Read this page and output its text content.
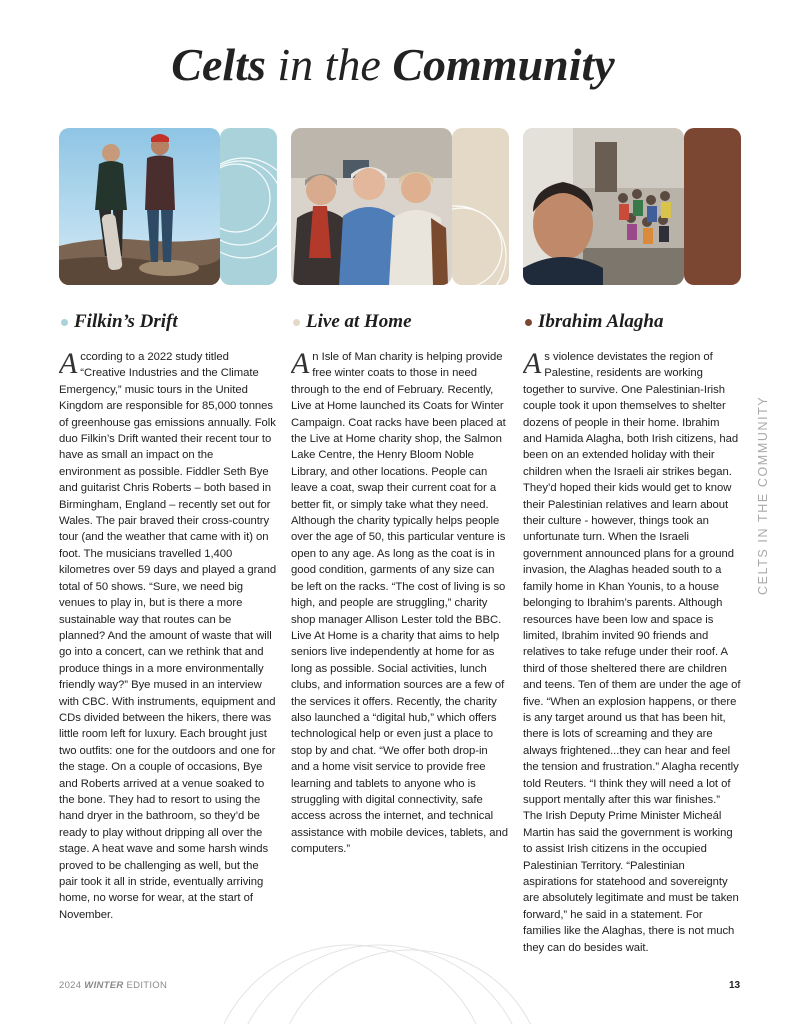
Celts in the Community
Filkin’s Drift
According to a 2022 study titled “Creative Industries and the Climate Emergency,” music tours in the United Kingdom are responsible for 85,000 tonnes of greenhouse gas emissions annually. Folk duo Filkin’s Drift wanted their recent tour to have as small an impact on the environment as possible. Fiddler Seth Bye and guitarist Chris Roberts – both based in Birmingham, England – recently set out for Wales. The pair braved their cross-country tour (and the weather that came with it) on foot. The musicians travelled 1,400 kilometres over 59 days and played a grand total of 50 shows. “Sure, we need big venues to play in, but is there a more sustainable way that routes can be planned? And the amount of waste that will go into a concert, can we rethink that and produce things in a more environmentally friendly way?” Bye mused in an interview with CBC. With instruments, equipment and CDs divided between the hikers, there was little room left for luxury. Each brought just two outfits: one for the outdoors and one for the stage. On a couple of occasions, Bye and Roberts arrived at a venue soaked to the bone. They had to resort to using the hand dryer in the bathroom, so they’d be ready to play without dripping all over the stage. A heat wave and some harsh winds proved to be challenging as well, but the pair took it all in stride, eventually arriving home, no worse for wear, at the start of November.
Live at Home
An Isle of Man charity is helping provide free winter coats to those in need through to the end of February. Recently, Live at Home launched its Coats for Winter Campaign. Coat racks have been placed at the Live at Home charity shop, the Salmon Lake Centre, the Henry Bloom Noble Library, and other locations. People can leave a coat, swap their current coat for a better fit, or simply take what they need. Although the charity typically helps people over the age of 50, this particular venture is open to any age. As long as the coat is in good condition, garments of any size can be left on the racks. “The cost of living is so high, and people are struggling,” charity shop manager Allison Lester told the BBC. Live At Home is a charity that aims to help seniors live independently at home for as long as possible. Social activities, lunch clubs, and information sources are a few of the services it offers. Recently, the charity also launched a “digital hub,” which offers technological help or even just a place to stop by and chat. “We offer both drop-in and a home visit service to provide free learning and tablets to anyone who is struggling with digital connectivity, safe access across the internet, and technical assistance with mobile devices, tablets, and computers.”
Ibrahim Alagha
As violence devistates the region of Palestine, residents are working together to survive. One Palestinian-Irish couple took it upon themselves to shelter dozens of people in their home. Ibrahim and Hamida Alagha, both Irish citizens, had been on an extended holiday with their children when the Israeli air strikes began. They’d hoped their kids would get to know their Palestinian relatives and learn about their culture - however, things took an unfortunate turn. When the Israeli government announced plans for a ground invasion, the Alaghas headed south to a family home in Khan Younis, to a house belonging to Ibrahim’s parents. Although resources have been low and space is limited, Ibrahim invited 90 friends and relatives to take refuge under their roof. A third of those sheltered there are children and teens. Ten of them are under the age of five. “When an explosion happens, or there is any target around us that has been hit, there is lots of screaming and they are always frightened...they can hear and feel the tension and frustration.” Alagha recently told Reuters. “I think they will need a lot of support mentally after this war finishes.” The Irish Deputy Prime Minister Micheál Martin has said the government is working to assist Irish citizens in the occupied Palestinian Territory. “Palestinian aspirations for statehood and sovereignty are absolutely legitimate and must be taken forward,” he said in a statement. For families like the Alaghas, there is not much they can do besides wait.
CELTS IN THE COMMUNITY
2024 WINTER EDITION	13
